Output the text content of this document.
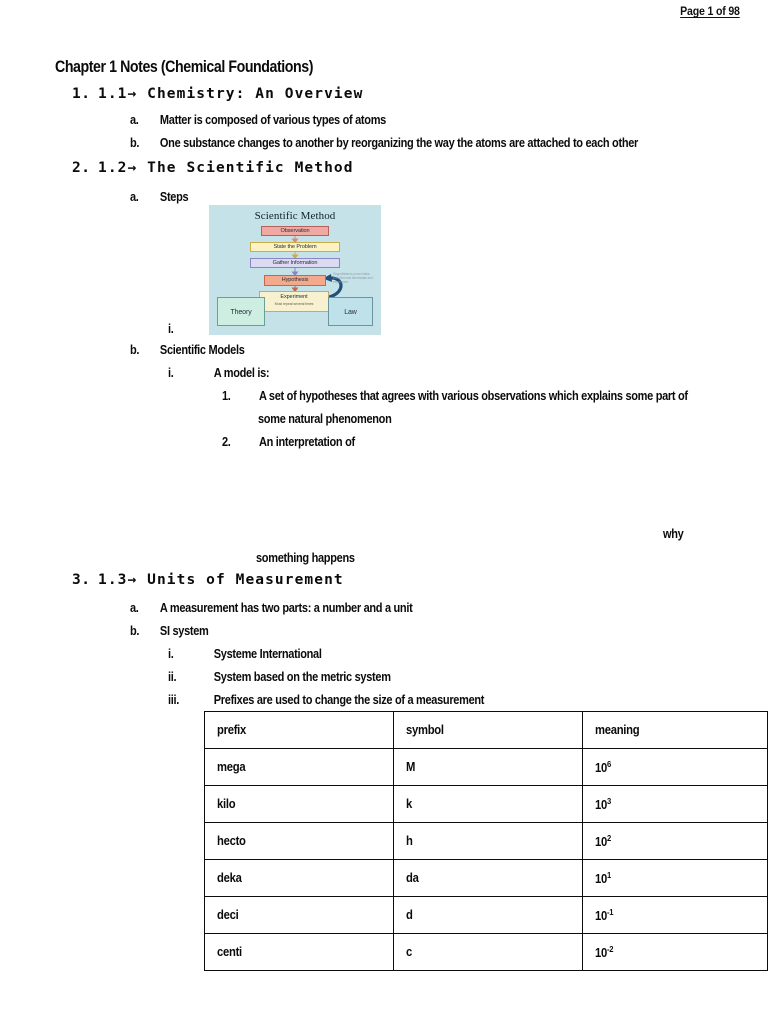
Page 1 of 98
Chapter 1 Notes (Chemical Foundations)
1. 1.1→ Chemistry: An Overview
a.	Matter is composed of various types of atoms
b.	One substance changes to another by reorganizing the way the atoms are attached to each other
2. 1.2→ The Scientific Method
a.	Steps
Scientific Method
Observation
State the Problem
Gather Information
Hypothesis
Experiment
Must repeat several times
Theory	Law
If hypothesis is proven false, scientist must reformulate and experiment.
i.
b.	Scientific Models
i.	A model is:
1.	A set of hypotheses that agrees with various observations which explains some part of
some natural phenomenon
2.	An interpretation of
why
something happens
3. 1.3→ Units of Measurement
a.	A measurement has two parts: a number and a unit
b.	SI system
i.	Systeme International
ii.	System based on the metric system
iii.	Prefixes are used to change the size of a measurement
prefix	symbol	meaning
mega	M	$10^6$
kilo	k	$10^3$
hecto	h	$10^2$
deka	da	$10^1$
deci	d	$10^{-1}$
centi	c	$10^{-2}$
